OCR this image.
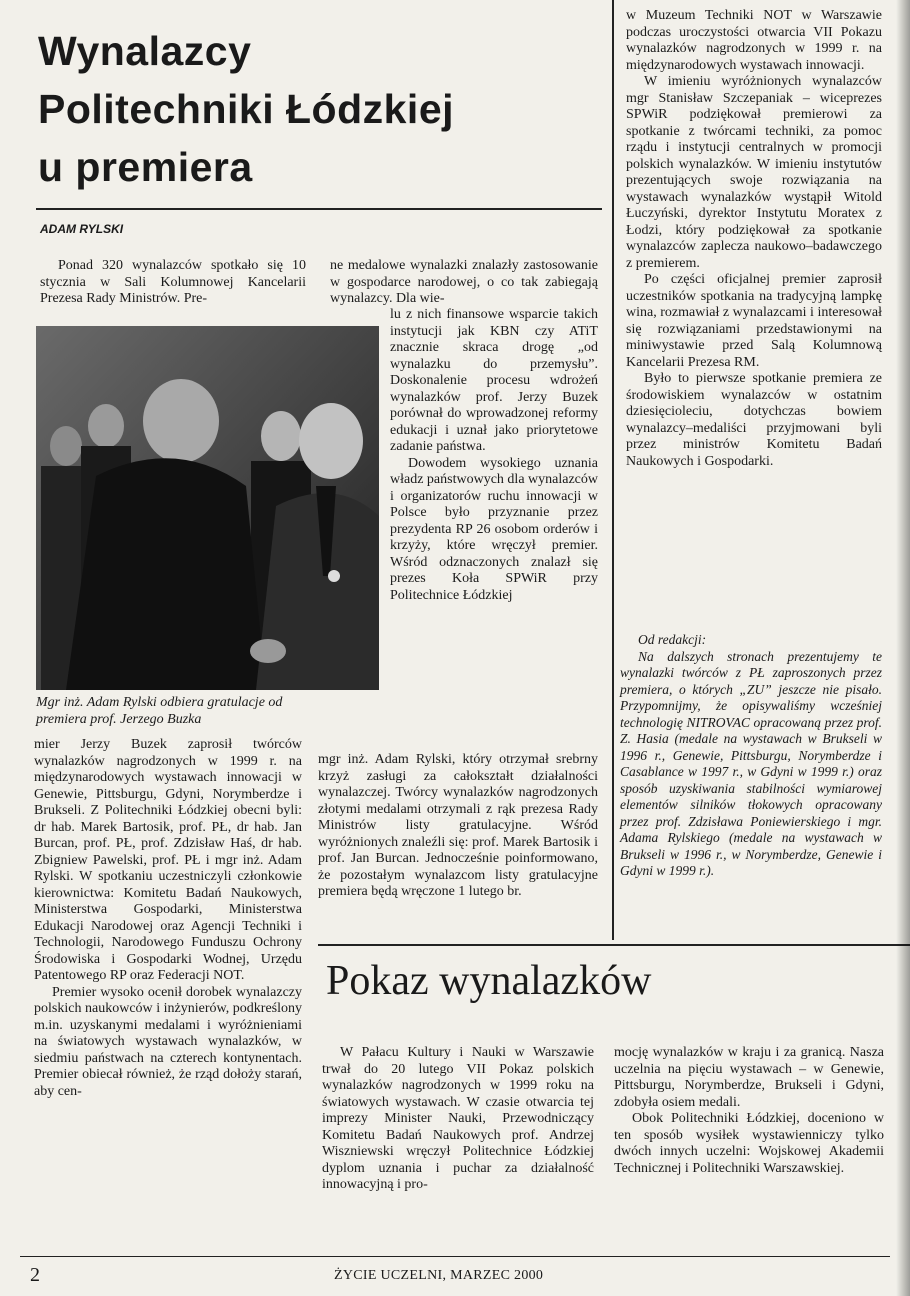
Wynalazcy
Politechniki Łódzkiej
u premiera
ADAM RYLSKI

Ponad 320 wynalazców spotkało się 10 stycznia w Sali Kolumnowej Kancelarii Prezesa Rady Ministrów. Pre-

ne medalowe wynalazki znalazły zastosowanie w gospodarce narodowej, o co tak zabiegają wynalazcy. Dla wie-

Mgr inż. Adam Rylski odbiera gratulacje od premiera prof. Jerzego Buzka

lu z nich finansowe wsparcie takich instytucji jak KBN czy ATiT znacznie skraca drogę „od wynalazku do przemysłu”. Doskonalenie procesu wdrożeń wynalazków prof. Jerzy Buzek porównał do wprowadzonej reformy edukacji i uznał jako priorytetowe zadanie państwa.

Dowodem wysokiego uznania władz państwowych dla wynalazców i organizatorów ruchu innowacji w Polsce było przyznanie przez prezydenta RP 26 osobom orderów i krzyży, które wręczył premier. Wśród odznaczonych znalazł się prezes Koła SPWiR przy Politechnice Łódzkiej

mgr inż. Adam Rylski, który otrzymał srebrny krzyż zasługi za całokształt działalności wynalazczej. Twórcy wynalazków nagrodzonych złotymi medalami otrzymali z rąk prezesa Rady Ministrów listy gratulacyjne. Wśród wyróżnionych znaleźli się: prof. Marek Bartosik i prof. Jan Burcan. Jednocześnie poinformowano, że pozostałym wynalazcom listy gratulacyjne premiera będą wręczone 1 lutego br.

mier Jerzy Buzek zaprosił twórców wynalazków nagrodzonych w 1999 r. na międzynarodowych wystawach innowacji w Genewie, Pittsburgu, Gdyni, Norymberdze i Brukseli. Z Politechniki Łódzkiej obecni byli: dr hab. Marek Bartosik, prof. PŁ, dr hab. Jan Burcan, prof. PŁ, prof. Zdzisław Haś, dr hab. Zbigniew Pawelski, prof. PŁ i mgr inż. Adam Rylski. W spotkaniu uczestniczyli członkowie kierownictwa: Komitetu Badań Naukowych, Ministerstwa Gospodarki, Ministerstwa Edukacji Narodowej oraz Agencji Techniki i Technologii, Narodowego Funduszu Ochrony Środowiska i Gospodarki Wodnej, Urzędu Patentowego RP oraz Federacji NOT.

Premier wysoko ocenił dorobek wynalazczy polskich naukowców i inżynierów, podkreślony m.in. uzyskanymi medalami i wyróżnieniami na światowych wystawach wynalazków, w siedmiu państwach na czterech kontynentach. Premier obiecał również, że rząd dołoży starań, aby cen-

w Muzeum Techniki NOT w Warszawie podczas uroczystości otwarcia VII Pokazu wynalazków nagrodzonych w 1999 r. na międzynarodowych wystawach innowacji.

W imieniu wyróżnionych wynalazców mgr Stanisław Szczepaniak – wiceprezes SPWiR podziękował premierowi za spotkanie z twórcami techniki, za pomoc rządu i instytucji centralnych w promocji polskich wynalazków. W imieniu instytutów prezentujących swoje rozwiązania na wystawach wynalazków wystąpił Witold Łuczyński, dyrektor Instytutu Moratex z Łodzi, który podziękował za spotkanie wynalazców zaplecza naukowo–badawczego z premierem.

Po części oficjalnej premier zaprosił uczestników spotkania na tradycyjną lampkę wina, rozmawiał z wynalazcami i interesował się rozwiązaniami przedstawionymi na miniwystawie przed Salą Kolumnową Kancelarii Prezesa RM.

Było to pierwsze spotkanie premiera ze środowiskiem wynalazców w ostatnim dziesięcioleciu, dotychczas bowiem wynalazcy–medaliści przyjmowani byli przez ministrów Komitetu Badań Naukowych i Gospodarki.

Od redakcji:

Na dalszych stronach prezentujemy te wynalazki twórców z PŁ zaproszonych przez premiera, o których „ZU” jeszcze nie pisało. Przypomnijmy, że opisywaliśmy wcześniej technologię NITROVAC opracowaną przez prof. Z. Hasia (medale na wystawach w Brukseli w 1996 r., Genewie, Pittsburgu, Norymberdze i Casablance w 1997 r., w Gdyni w 1999 r.) oraz sposób uzyskiwania stabilności wymiarowej elementów silników tłokowych opracowany przez prof. Zdzisława Poniewierskiego i mgr. Adama Rylskiego (medale na wystawach w Brukseli w 1996 r., w Norymberdze, Genewie i Gdyni w 1999 r.).

Pokaz wynalazków

W Pałacu Kultury i Nauki w Warszawie trwał do 20 lutego VII Pokaz polskich wynalazków nagrodzonych w 1999 roku na światowych wystawach. W czasie otwarcia tej imprezy Minister Nauki, Przewodniczący Komitetu Badań Naukowych prof. Andrzej Wiszniewski wręczył Politechnice Łódzkiej dyplom uznania i puchar za działalność innowacyjną i pro-

mocję wynalazków w kraju i za granicą. Nasza uczelnia na pięciu wystawach – w Genewie, Pittsburgu, Norymberdze, Brukseli i Gdyni, zdobyła osiem medali.

Obok Politechniki Łódzkiej, doceniono w ten sposób wysiłek wystawienniczy tylko dwóch innych uczelni: Wojskowej Akademii Technicznej i Politechniki Warszawskiej.

2	ŻYCIE UCZELNI, MARZEC 2000
